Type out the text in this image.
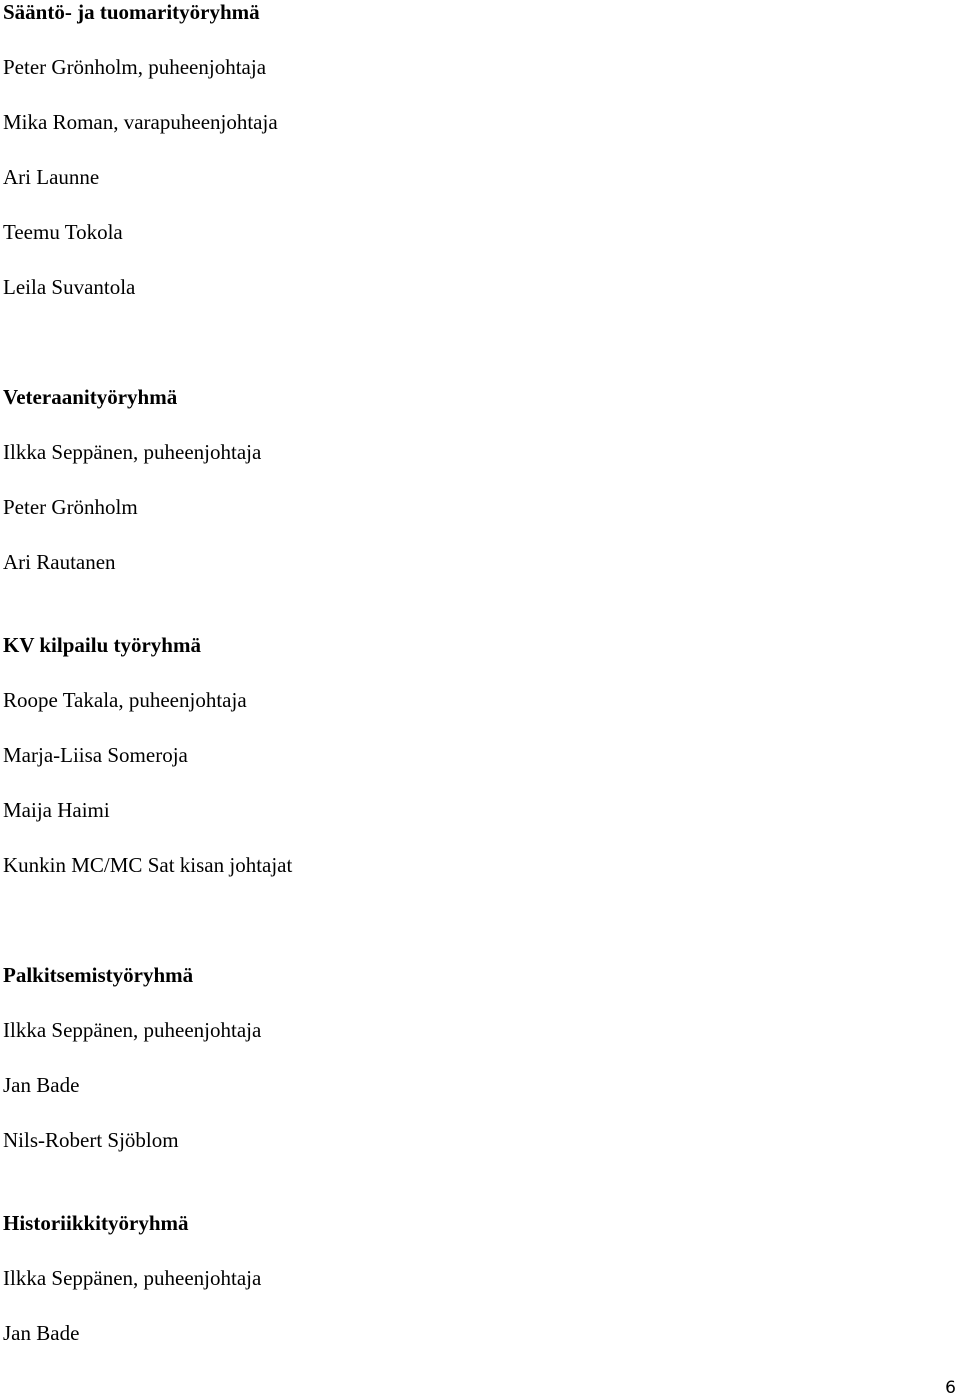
Sääntö- ja tuomarityöryhmä
Peter Grönholm, puheenjohtaja
Mika Roman, varapuheenjohtaja
Ari Launne
Teemu Tokola
Leila Suvantola
Veteraanityöryhmä
Ilkka Seppänen, puheenjohtaja
Peter Grönholm
Ari Rautanen
KV kilpailu työryhmä
Roope Takala, puheenjohtaja
Marja-Liisa Someroja
Maija Haimi
Kunkin MC/MC Sat kisan johtajat
Palkitsemistyöryhmä
Ilkka Seppänen, puheenjohtaja
Jan Bade
Nils-Robert Sjöblom
Historiikkityöryhmä
Ilkka Seppänen, puheenjohtaja
Jan Bade
6
